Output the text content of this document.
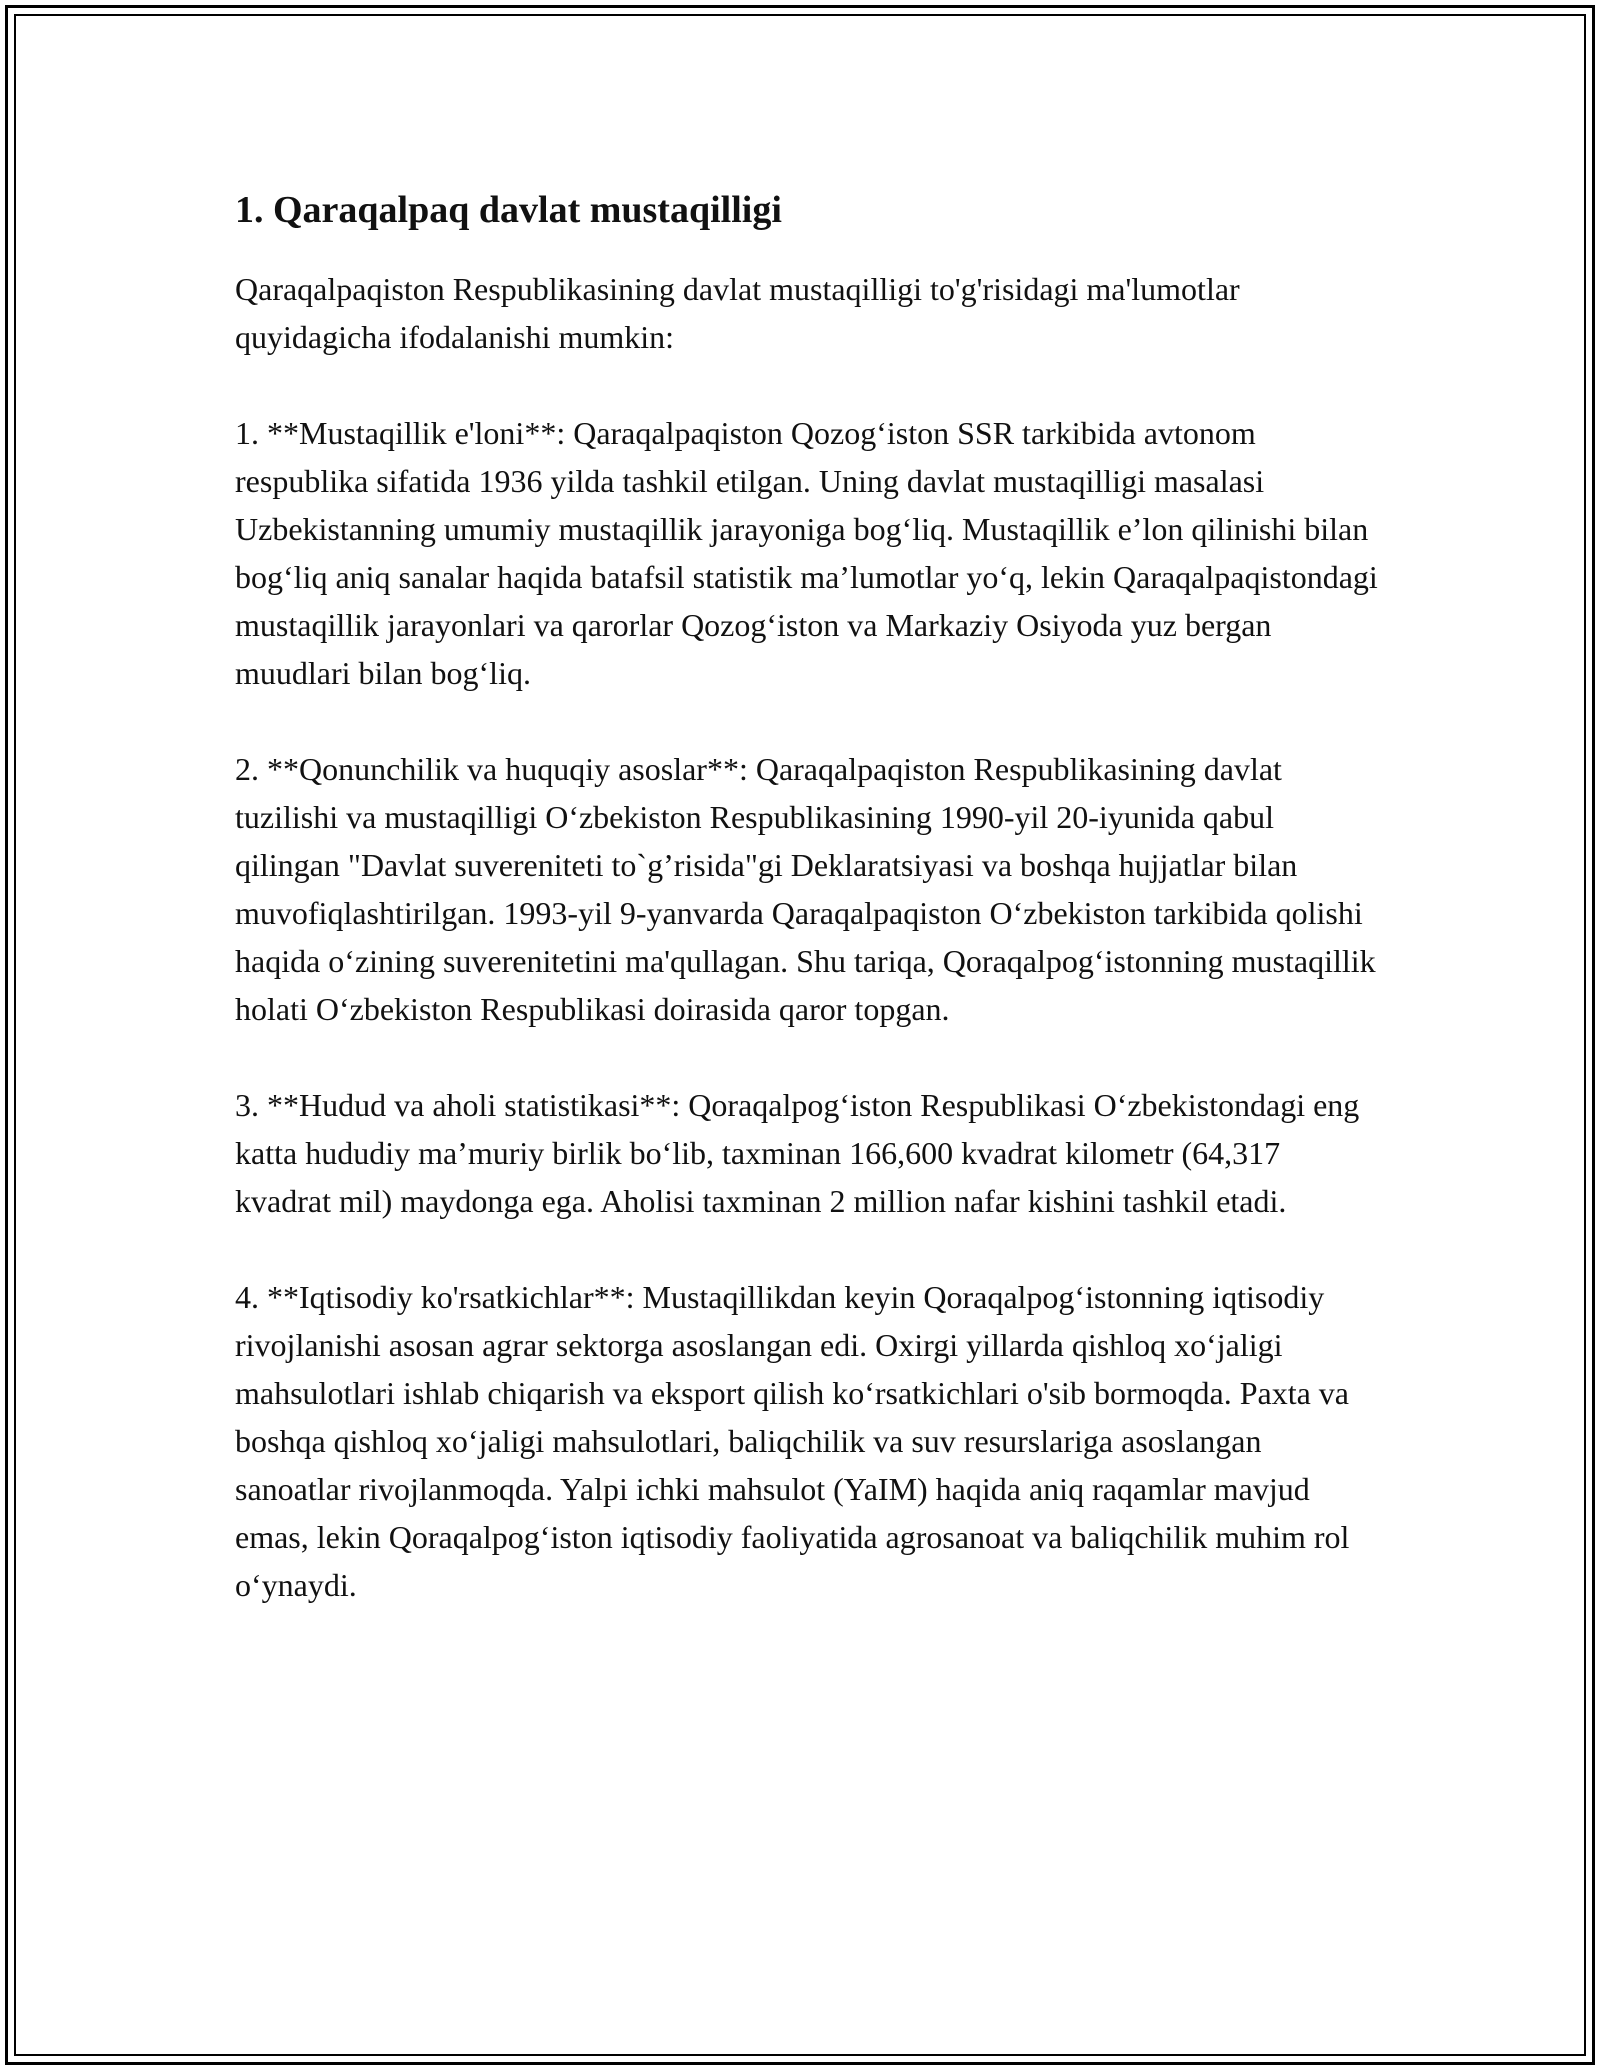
1. Qaraqalpaq davlat mustaqilligi

Qaraqalpaqiston Respublikasining davlat mustaqilligi to'g'risidagi ma'lumotlar quyidagicha ifodalanishi mumkin:

1. **Mustaqillik e'loni**: Qaraqalpaqiston Qozog‘iston SSR tarkibida avtonom respublika sifatida 1936 yilda tashkil etilgan. Uning davlat mustaqilligi masalasi Uzbekistanning umumiy mustaqillik jarayoniga bog‘liq. Mustaqillik e’lon qilinishi bilan bog‘liq aniq sanalar haqida batafsil statistik ma’lumotlar yo‘q, lekin Qaraqalpaqistondagi mustaqillik jarayonlari va qarorlar Qozog‘iston va Markaziy Osiyoda yuz bergan muudlari bilan bog‘liq.

2. **Qonunchilik va huquqiy asoslar**: Qaraqalpaqiston Respublikasining davlat tuzilishi va mustaqilligi O‘zbekiston Respublikasining 1990-yil 20-iyunida qabul qilingan "Davlat suvereniteti to`g’risida"gi Deklaratsiyasi va boshqa hujjatlar bilan muvofiqlashtirilgan. 1993-yil 9-yanvarda Qaraqalpaqiston O‘zbekiston tarkibida qolishi haqida o‘zining suverenitetini ma'qullagan. Shu tariqa, Qoraqalpog‘istonning mustaqillik holati O‘zbekiston Respublikasi doirasida qaror topgan.

3. **Hudud va aholi statistikasi**: Qoraqalpog‘iston Respublikasi O‘zbekistondagi eng katta hududiy ma’muriy birlik bo‘lib, taxminan 166,600 kvadrat kilometr (64,317 kvadrat mil) maydonga ega. Aholisi taxminan 2 million nafar kishini tashkil etadi.

4. **Iqtisodiy ko'rsatkichlar**: Mustaqillikdan keyin Qoraqalpog‘istonning iqtisodiy rivojlanishi asosan agrar sektorga asoslangan edi. Oxirgi yillarda qishloq xo‘jaligi mahsulotlari ishlab chiqarish va eksport qilish ko‘rsatkichlari o'sib bormoqda. Paxta va boshqa qishloq xo‘jaligi mahsulotlari, baliqchilik va suv resurslariga asoslangan sanoatlar rivojlanmoqda. Yalpi ichki mahsulot (YaIM) haqida aniq raqamlar mavjud emas, lekin Qoraqalpog‘iston iqtisodiy faoliyatida agrosanoat va baliqchilik muhim rol o‘ynaydi.
